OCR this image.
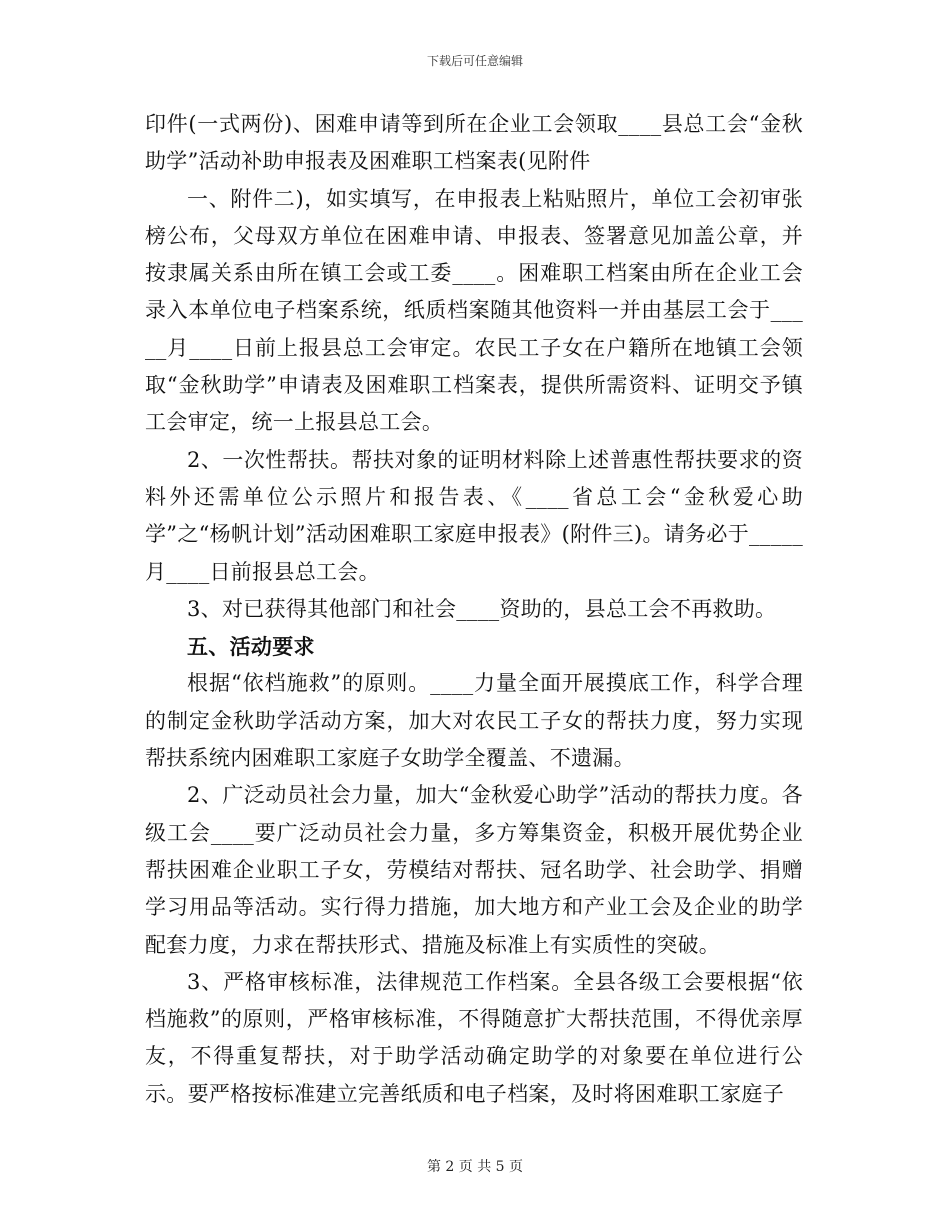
下载后可任意编辑

印件(一式两份)、困难申请等到所在企业工会领取____县总工会“金秋助学”活动补助申报表及困难职工档案表(见附件

一、附件二)，如实填写，在申报表上粘贴照片，单位工会初审张榜公布，父母双方单位在困难申请、申报表、签署意见加盖公章，并按隶属关系由所在镇工会或工委____。困难职工档案由所在企业工会录入本单位电子档案系统，纸质档案随其他资料一并由基层工会于_____月____日前上报县总工会审定。农民工子女在户籍所在地镇工会领取“金秋助学”申请表及困难职工档案表，提供所需资料、证明交予镇工会审定，统一上报县总工会。

2、一次性帮扶。帮扶对象的证明材料除上述普惠性帮扶要求的资料外还需单位公示照片和报告表、《____省总工会“金秋爱心助学”之“杨帆计划”活动困难职工家庭申报表》(附件三)。请务必于_____月____日前报县总工会。

3、对已获得其他部门和社会____资助的，县总工会不再救助。

五、活动要求

根据“依档施救”的原则。____力量全面开展摸底工作，科学合理的制定金秋助学活动方案，加大对农民工子女的帮扶力度，努力实现帮扶系统内困难职工家庭子女助学全覆盖、不遗漏。

2、广泛动员社会力量，加大“金秋爱心助学”活动的帮扶力度。各级工会____要广泛动员社会力量，多方筹集资金，积极开展优势企业帮扶困难企业职工子女，劳模结对帮扶、冠名助学、社会助学、捐赠学习用品等活动。实行得力措施，加大地方和产业工会及企业的助学配套力度，力求在帮扶形式、措施及标准上有实质性的突破。

3、严格审核标准，法律规范工作档案。全县各级工会要根据“依档施救”的原则，严格审核标准，不得随意扩大帮扶范围，不得优亲厚友，不得重复帮扶，对于助学活动确定助学的对象要在单位进行公示。要严格按标准建立完善纸质和电子档案，及时将困难职工家庭子

第 2 页 共 5 页
